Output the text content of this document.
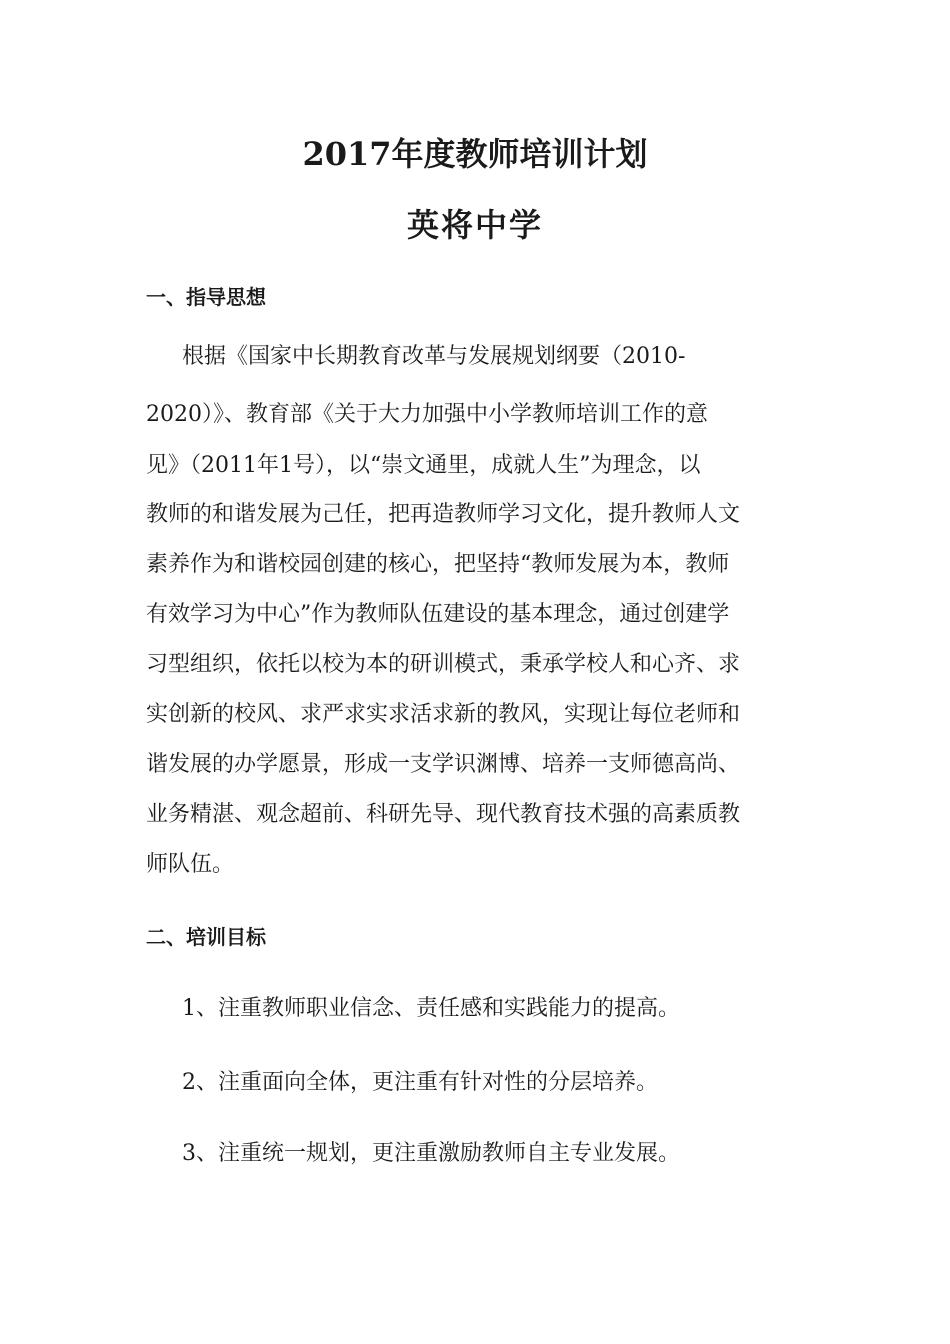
2017年度教师培训计划
英将中学
一、指导思想
根据《国家中长期教育改革与发展规划纲要（2010-
2020）》、教育部《关于大力加强中小学教师培训工作的意
见》（2011年1号），以“崇文通里，成就人生”为理念，以
教师的和谐发展为己任，把再造教师学习文化，提升教师人文
素养作为和谐校园创建的核心，把坚持“教师发展为本，教师
有效学习为中心”作为教师队伍建设的基本理念，通过创建学
习型组织，依托以校为本的研训模式，秉承学校人和心齐、求
实创新的校风、求严求实求活求新的教风，实现让每位老师和
谐发展的办学愿景，形成一支学识渊博、培养一支师德高尚、
业务精湛、观念超前、科研先导、现代教育技术强的高素质教
师队伍。
二、培训目标
1、注重教师职业信念、责任感和实践能力的提高。
2、注重面向全体，更注重有针对性的分层培养。
3、注重统一规划，更注重激励教师自主专业发展。
